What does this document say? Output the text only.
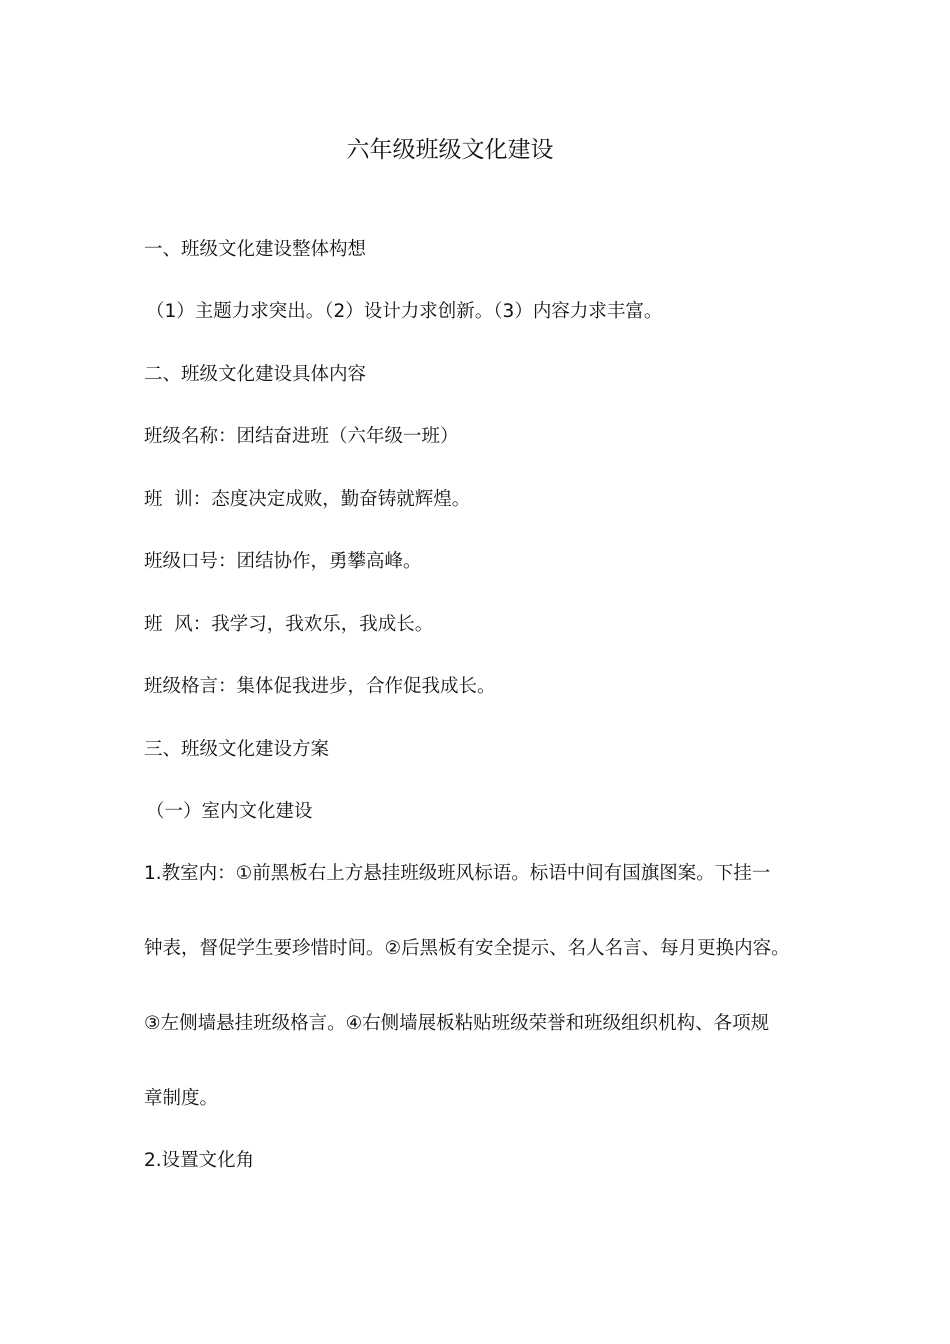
六年级班级文化建设
一、班级文化建设整体构想
（1）主题力求突出。（2）设计力求创新。（3）内容力求丰富。
二、班级文化建设具体内容
班级名称：团结奋进班（六年级一班）
班  训：态度决定成败，勤奋铸就辉煌。
班级口号：团结协作，勇攀高峰。
班  风：我学习，我欢乐，我成长。
班级格言：集体促我进步，合作促我成长。
三、班级文化建设方案
（一）室内文化建设
1.教室内：①前黑板右上方悬挂班级班风标语。标语中间有国旗图案。下挂一
钟表，督促学生要珍惜时间。②后黑板有安全提示、名人名言、每月更换内容。
③左侧墙悬挂班级格言。④右侧墙展板粘贴班级荣誉和班级组织机构、各项规
章制度。
2.设置文化角
